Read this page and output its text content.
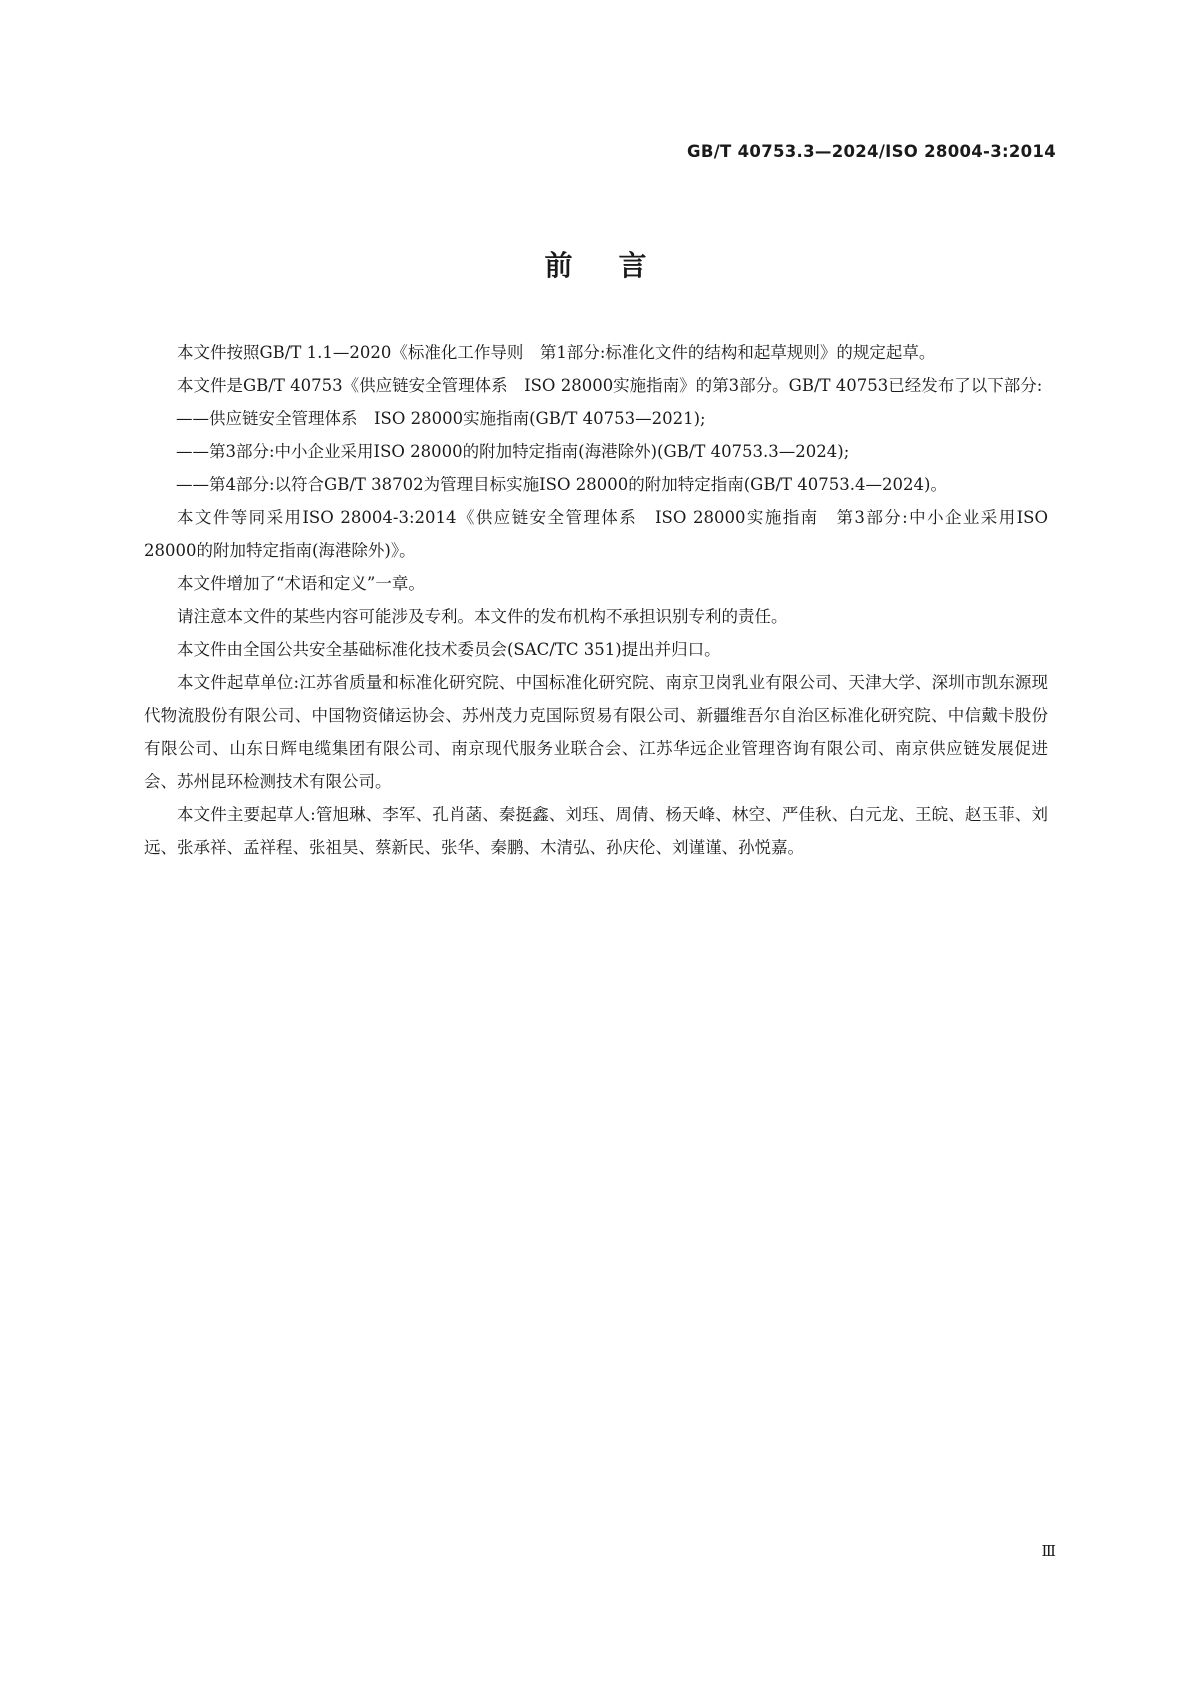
GB/T 40753.3—2024/ISO 28004-3:2014
前言

本文件按照GB/T 1.1—2020《标准化工作导则　第1部分:标准化文件的结构和起草规则》的规定起草。

本文件是GB/T 40753《供应链安全管理体系　ISO 28000实施指南》的第3部分。GB/T 40753已经发布了以下部分:

——供应链安全管理体系　ISO 28000实施指南(GB/T 40753—2021);

——第3部分:中小企业采用ISO 28000的附加特定指南(海港除外)(GB/T 40753.3—2024);

——第4部分:以符合GB/T 38702为管理目标实施ISO 28000的附加特定指南(GB/T 40753.4—2024)。

本文件等同采用ISO 28004-3:2014《供应链安全管理体系　ISO 28000实施指南　第3部分:中小企业采用ISO 28000的附加特定指南(海港除外)》。

本文件增加了“术语和定义”一章。

请注意本文件的某些内容可能涉及专利。本文件的发布机构不承担识别专利的责任。

本文件由全国公共安全基础标准化技术委员会(SAC/TC 351)提出并归口。

本文件起草单位:江苏省质量和标准化研究院、中国标准化研究院、南京卫岗乳业有限公司、天津大学、深圳市凯东源现代物流股份有限公司、中国物资储运协会、苏州茂力克国际贸易有限公司、新疆维吾尔自治区标准化研究院、中信戴卡股份有限公司、山东日辉电缆集团有限公司、南京现代服务业联合会、江苏华远企业管理咨询有限公司、南京供应链发展促进会、苏州昆环检测技术有限公司。

本文件主要起草人:管旭琳、李军、孔肖菡、秦挺鑫、刘珏、周倩、杨天峰、林空、严佳秋、白元龙、王皖、赵玉菲、刘远、张承祥、孟祥程、张祖昊、蔡新民、张华、秦鹏、木清弘、孙庆伦、刘谨谨、孙悦嘉。

Ⅲ
